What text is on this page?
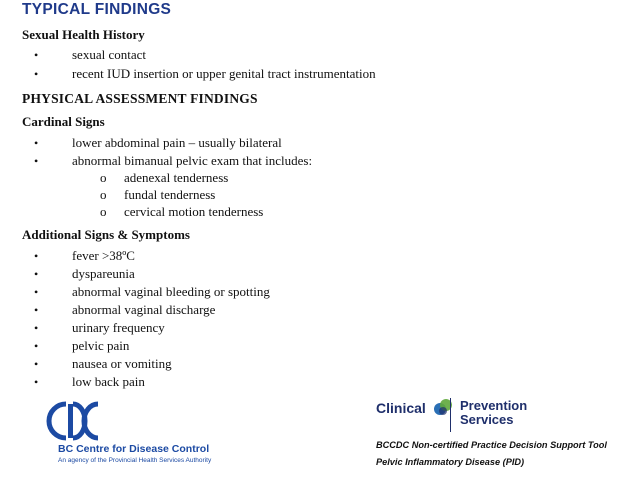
TYPICAL FINDINGS
Sexual Health History
•	sexual contact
•	recent IUD insertion or upper genital tract instrumentation
PHYSICAL ASSESSMENT FINDINGS
Cardinal Signs
•	lower abdominal pain – usually bilateral
•	abnormal bimanual pelvic exam that includes:
o adenexal tenderness
o fundal tenderness
o cervical motion tenderness
Additional Signs & Symptoms
•	fever >38ºC
•	dyspareunia
•	abnormal vaginal bleeding or spotting
•	abnormal vaginal discharge
•	urinary frequency
•	pelvic pain
•	nausea or vomiting
•	low back pain
BC Centre for Disease Control
An agency of the Provincial Health Services Authority
Clinical	Prevention
Services
BCCDC Non-certified Practice Decision Support Tool
Pelvic Inflammatory Disease (PID)
